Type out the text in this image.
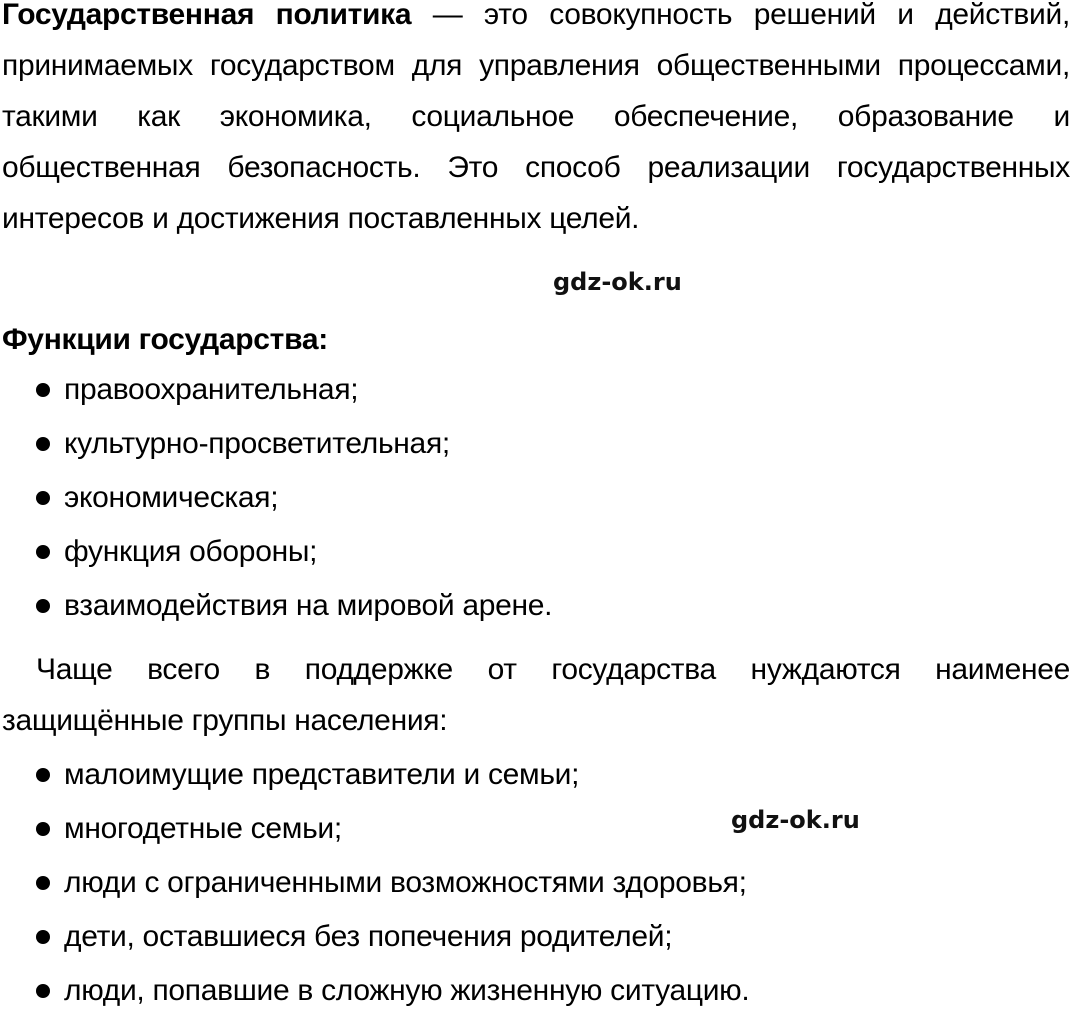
Государственная политика — это совокупность решений и действий, принимаемых государством для управления общественными процессами, такими как экономика, социальное обеспечение, образование и общественная безопасность. Это способ реализации государственных интересов и достижения поставленных целей.

Функции государства:
правоохранительная;
культурно-просветительная;
экономическая;
функция обороны;
взаимодействия на мировой арене.

Чаще всего в поддержке от государства нуждаются наименее защищённые группы населения:

малоимущие представители и семьи;
многодетные семьи;
люди с ограниченными возможностями здоровья;
дети, оставшиеся без попечения родителей;
люди, попавшие в сложную жизненную ситуацию.
gdz-ok.ru
gdz-ok.ru
